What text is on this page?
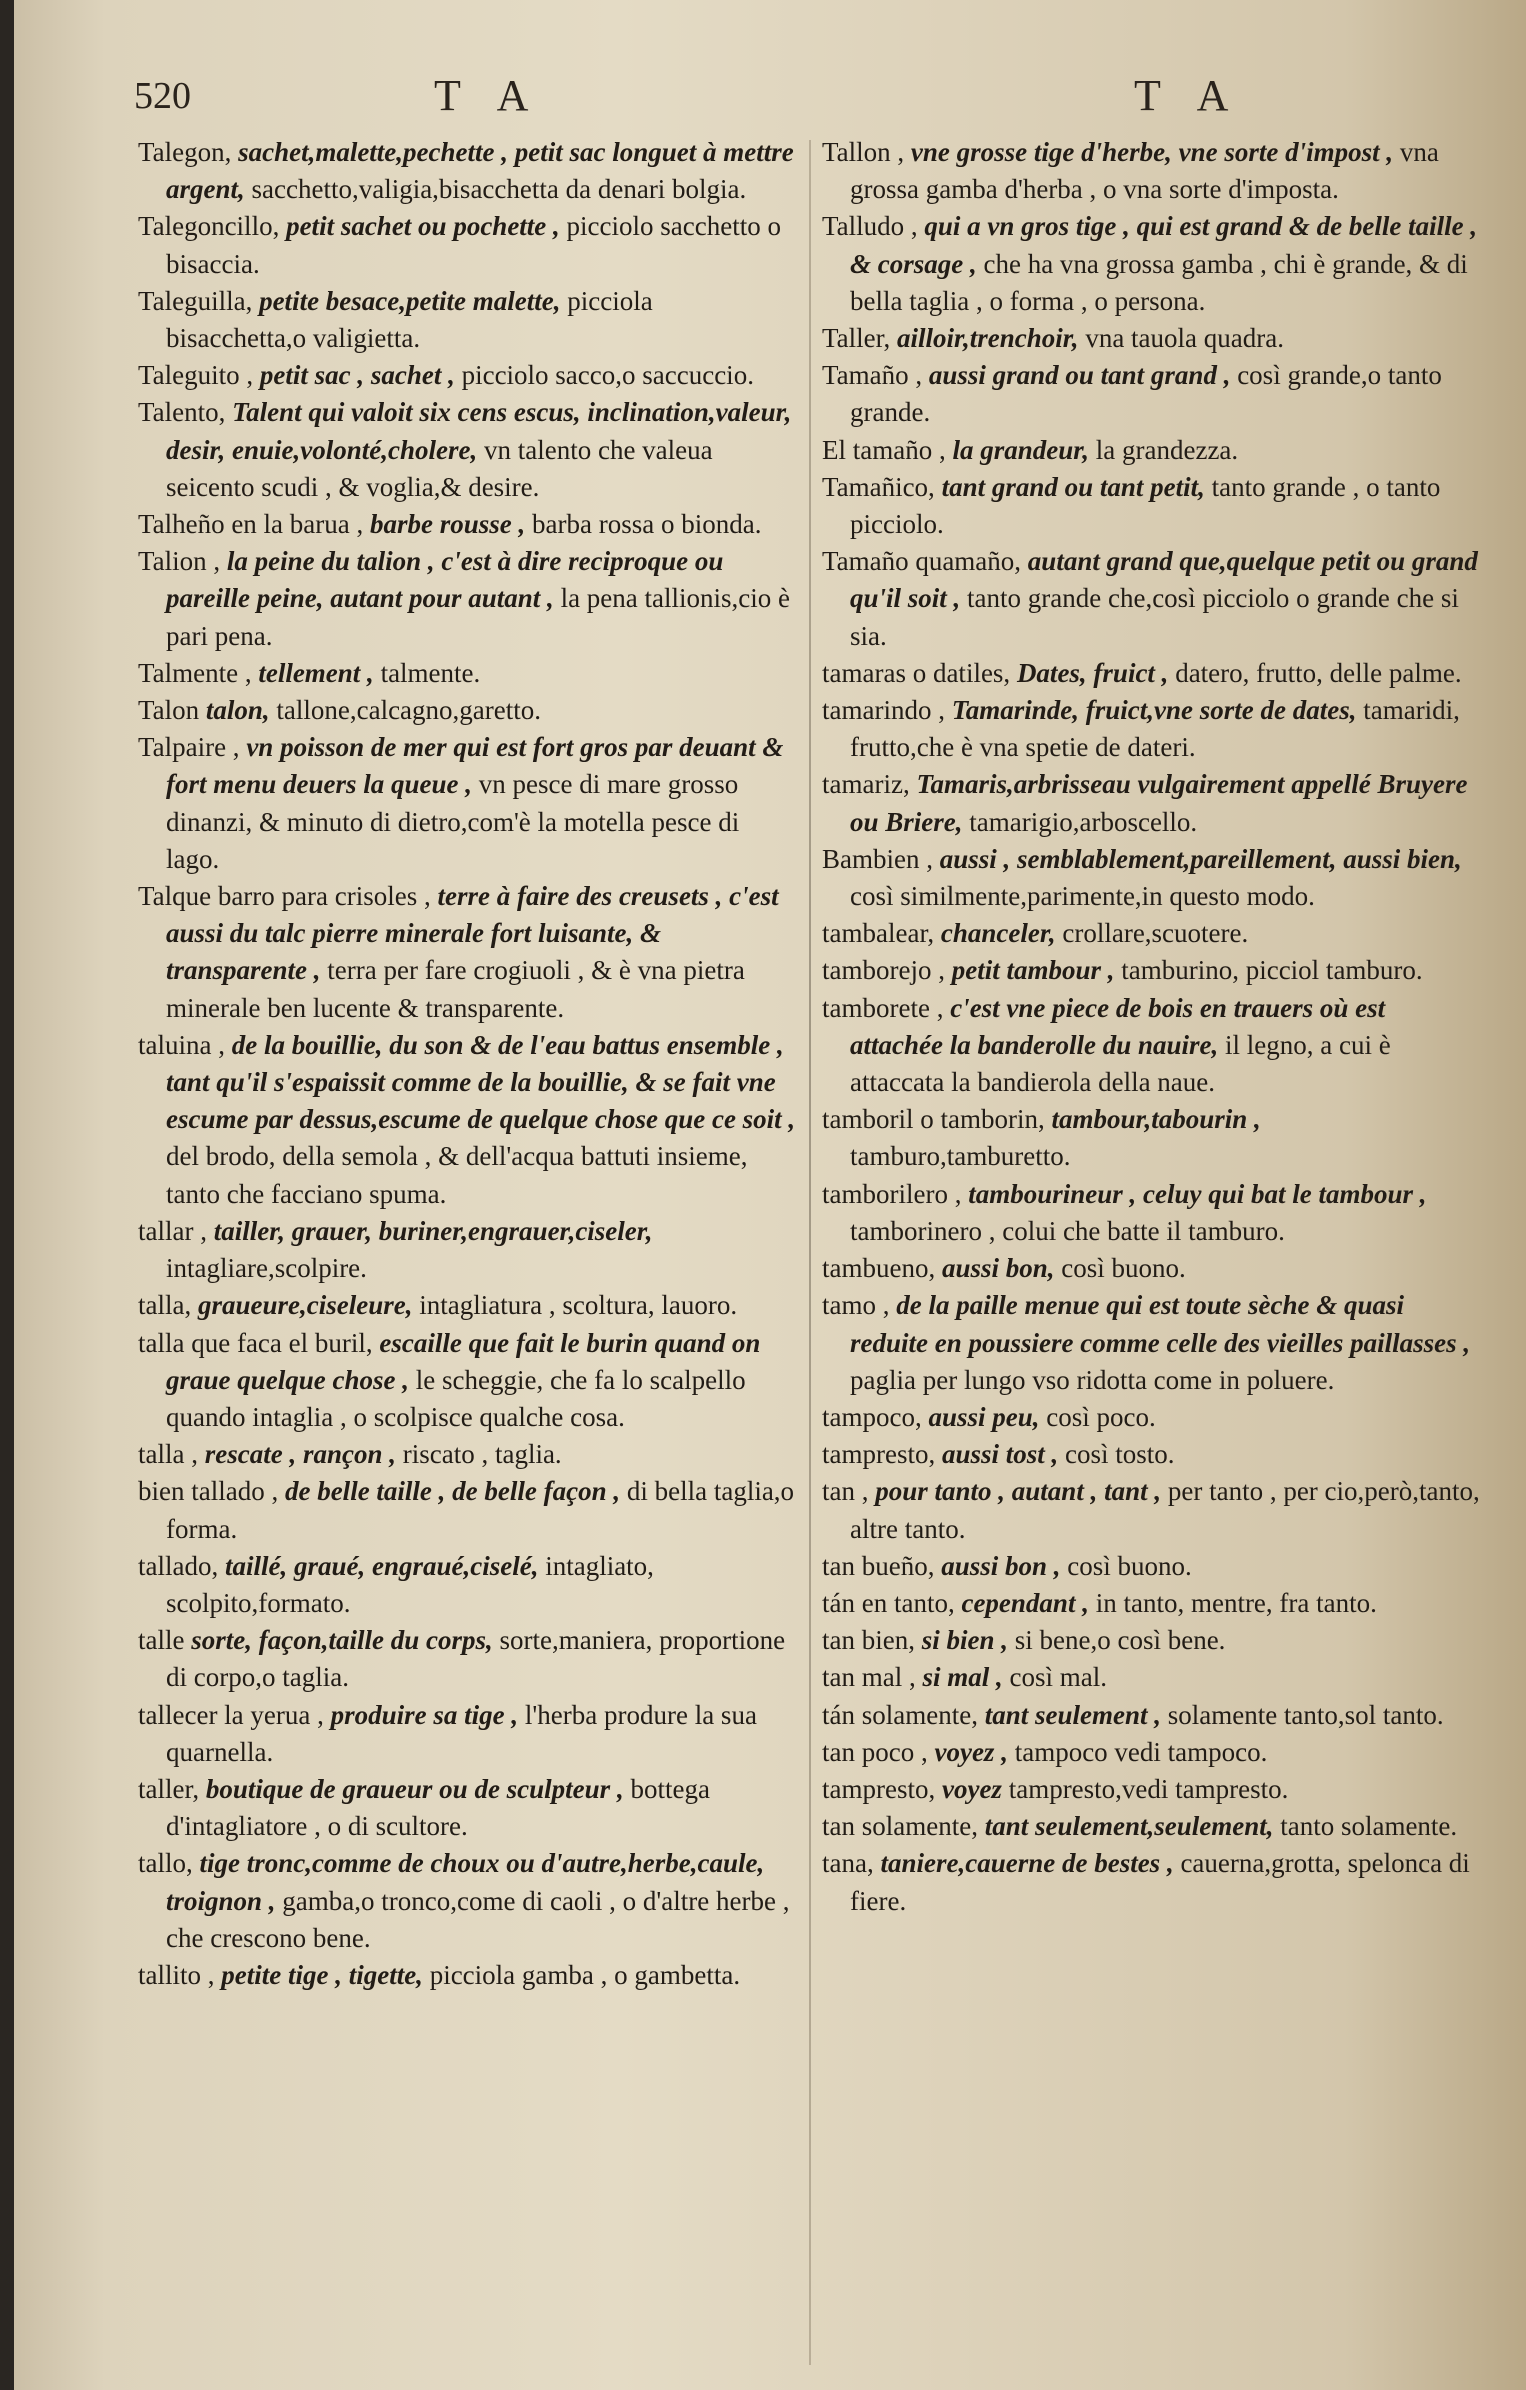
520	T A	T A

Talegon, sachet,malette,pechette , petit sac longuet à mettre argent, sacchetto,valigia,bisacchetta da denari bolgia.

Talegoncillo, petit sachet ou pochette , picciolo sacchetto o bisaccia.

Taleguilla, petite besace,petite malette, picciola bisacchetta,o valigietta.

Taleguito , petit sac , sachet , picciolo sacco,o saccuccio.

Talento, Talent qui valoit six cens escus, inclination,valeur, desir, enuie,volonté,cholere, vn talento che valeua seicento scudi , & voglia,& desire.

Talheño en la barua , barbe rousse , barba rossa o bionda.

Talion , la peine du talion , c'est à dire reciproque ou pareille peine, autant pour autant , la pena tallionis,cio è pari pena.

Talmente , tellement , talmente.

Talon talon, tallone,calcagno,garetto.

Talpaire , vn poisson de mer qui est fort gros par deuant & fort menu deuers la queue , vn pesce di mare grosso dinanzi, & minuto di dietro,com'è la motella pesce di lago.

Talque barro para crisoles , terre à faire des creusets , c'est aussi du talc pierre minerale fort luisante, & transparente , terra per fare crogiuoli , & è vna pietra minerale ben lucente & transparente.

taluina , de la bouillie, du son & de l'eau battus ensemble , tant qu'il s'espaissit comme de la bouillie, & se fait vne escume par dessus,escume de quelque chose que ce soit , del brodo, della semola , & dell'acqua battuti insieme, tanto che facciano spuma.

tallar , tailler, grauer, buriner,engrauer,ciseler, intagliare,scolpire.

talla, graueure,ciseleure, intagliatura , scoltura, lauoro.

talla que faca el buril, escaille que fait le burin quand on graue quelque chose , le scheggie, che fa lo scalpello quando intaglia , o scolpisce qualche cosa.

talla , rescate , rançon , riscato , taglia.

bien tallado , de belle taille , de belle façon , di bella taglia,o forma.

tallado, taillé, graué, engraué,ciselé, intagliato, scolpito,formato.

talle sorte, façon,taille du corps, sorte,maniera, proportione di corpo,o taglia.

tallecer la yerua , produire sa tige , l'herba produre la sua quarnella.

taller, boutique de graueur ou de sculpteur , bottega d'intagliatore , o di scultore.

tallo, tige tronc,comme de choux ou d'autre,herbe,caule, troignon , gamba,o tronco,come di caoli , o d'altre herbe , che crescono bene.

tallito , petite tige , tigette, picciola gamba , o gambetta.

Tallon , vne grosse tige d'herbe, vne sorte d'impost , vna grossa gamba d'herba , o vna sorte d'imposta.

Talludo , qui a vn gros tige , qui est grand & de belle taille , & corsage , che ha vna grossa gamba , chi è grande, & di bella taglia , o forma , o persona.

Taller, ailloir,trenchoir, vna tauola quadra.

Tamaño , aussi grand ou tant grand , così grande,o tanto grande.

El tamaño , la grandeur, la grandezza.

Tamañico, tant grand ou tant petit, tanto grande , o tanto picciolo.

Tamaño quamaño, autant grand que,quelque petit ou grand qu'il soit , tanto grande che,così picciolo o grande che si sia.

tamaras o datiles, Dates, fruict , datero, frutto, delle palme.

tamarindo , Tamarinde, fruict,vne sorte de dates, tamaridi, frutto,che è vna spetie de dateri.

tamariz, Tamaris,arbrisseau vulgairement appellé Bruyere ou Briere, tamarigio,arboscello.

Bambien , aussi , semblablement,pareillement, aussi bien, così similmente,parimente,in questo modo.

tambalear, chanceler, crollare,scuotere.

tamborejo , petit tambour , tamburino, picciol tamburo.

tamborete , c'est vne piece de bois en trauers où est attachée la banderolle du nauire, il legno, a cui è attaccata la bandierola della naue.

tamboril o tamborin, tambour,tabourin , tamburo,tamburetto.

tamborilero , tambourineur , celuy qui bat le tambour , tamborinero , colui che batte il tamburo.

tambueno, aussi bon, così buono.

tamo , de la paille menue qui est toute sèche & quasi reduite en poussiere comme celle des vieilles paillasses , paglia per lungo vso ridotta come in poluere.

tampoco, aussi peu, così poco.

tampresto, aussi tost , così tosto.

tan , pour tanto , autant , tant , per tanto , per cio,però,tanto, altre tanto.

tan bueño, aussi bon , così buono.

tán en tanto, cependant , in tanto, mentre, fra tanto.

tan bien, si bien , si bene,o così bene.

tan mal , si mal , così mal.

tán solamente, tant seulement , solamente tanto,sol tanto.

tan poco , voyez , tampoco vedi tampoco.

tampresto, voyez tampresto,vedi tampresto.

tan solamente, tant seulement,seulement, tanto solamente.

tana, taniere,cauerne de bestes , cauerna,grotta, spelonca di fiere.
